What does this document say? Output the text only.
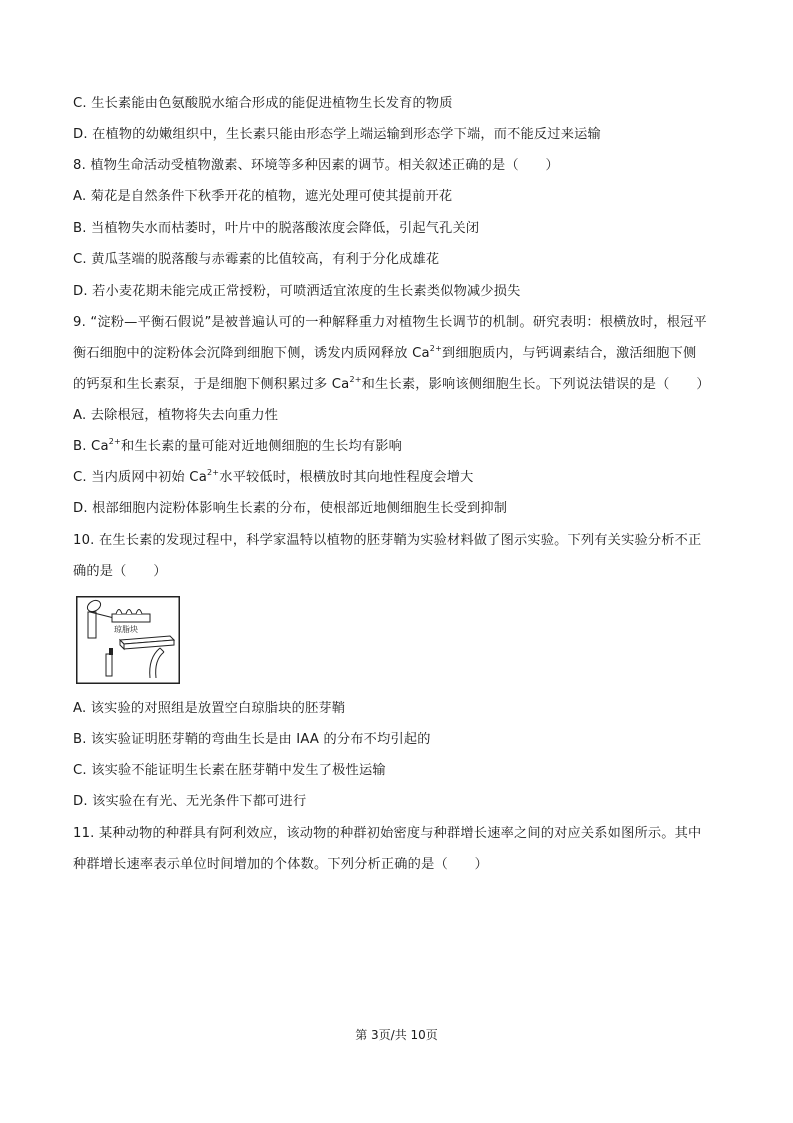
C. 生长素能由色氨酸脱水缩合形成的能促进植物生长发育的物质
D. 在植物的幼嫩组织中，生长素只能由形态学上端运输到形态学下端，而不能反过来运输
8. 植物生命活动受植物激素、环境等多种因素的调节。相关叙述正确的是（　　）
A. 菊花是自然条件下秋季开花的植物，遮光处理可使其提前开花
B. 当植物失水而枯萎时，叶片中的脱落酸浓度会降低，引起气孔关闭
C. 黄瓜茎端的脱落酸与赤霉素的比值较高，有利于分化成雄花
D. 若小麦花期未能完成正常授粉，可喷洒适宜浓度的生长素类似物减少损失
9. “淀粉—平衡石假说”是被普遍认可的一种解释重力对植物生长调节的机制。研究表明：根横放时，根冠平
衡石细胞中的淀粉体会沉降到细胞下侧，诱发内质网释放 $Ca^{2+}$到细胞质内，与钙调素结合，激活细胞下侧
的钙泵和生长素泵，于是细胞下侧积累过多 $Ca^{2+}$和生长素，影响该侧细胞生长。下列说法错误的是（　　）
A. 去除根冠，植物将失去向重力性
B. $Ca^{2+}$和生长素的量可能对近地侧细胞的生长均有影响
C. 当内质网中初始 $Ca^{2+}$水平较低时，根横放时其向地性程度会增大
D. 根部细胞内淀粉体影响生长素的分布，使根部近地侧细胞生长受到抑制
10. 在生长素的发现过程中，科学家温特以植物的胚芽鞘为实验材料做了图示实验。下列有关实验分析不正
确的是（　　）
琼脂块
A. 该实验的对照组是放置空白琼脂块的胚芽鞘
B. 该实验证明胚芽鞘的弯曲生长是由 IAA 的分布不均引起的
C. 该实验不能证明生长素在胚芽鞘中发生了极性运输
D. 该实验在有光、无光条件下都可进行
11. 某种动物的种群具有阿利效应，该动物的种群初始密度与种群增长速率之间的对应关系如图所示。其中
种群增长速率表示单位时间增加的个体数。下列分析正确的是（　　）
第 3页/共 10页
